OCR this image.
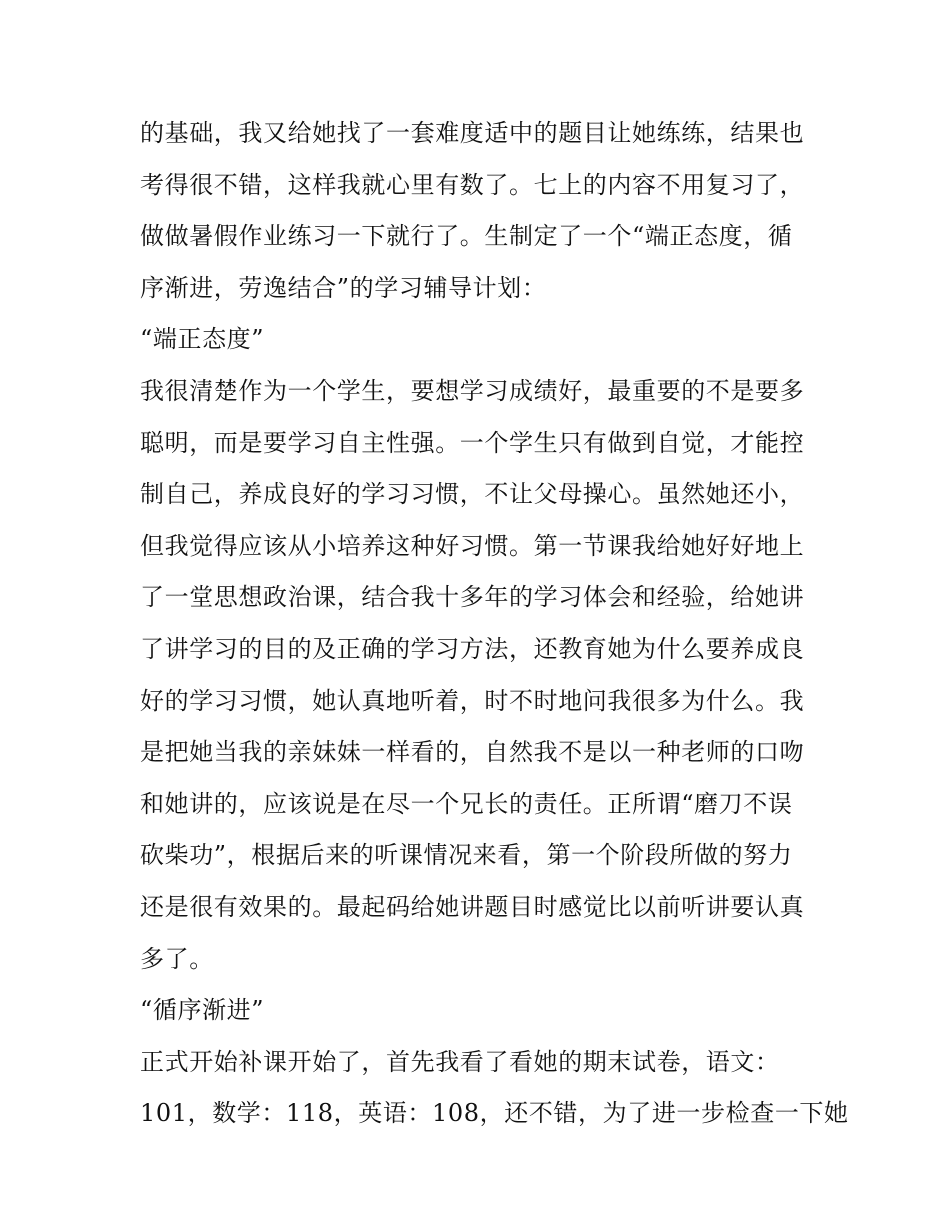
的基础，我又给她找了一套难度适中的题目让她练练，结果也
考得很不错，这样我就心里有数了。七上的内容不用复习了，
做做暑假作业练习一下就行了。生制定了一个“端正态度，循
序渐进，劳逸结合”的学习辅导计划：
“端正态度”
我很清楚作为一个学生，要想学习成绩好，最重要的不是要多
聪明，而是要学习自主性强。一个学生只有做到自觉，才能控
制自己，养成良好的学习习惯，不让父母操心。虽然她还小，
但我觉得应该从小培养这种好习惯。第一节课我给她好好地上
了一堂思想政治课，结合我十多年的学习体会和经验，给她讲
了讲学习的目的及正确的学习方法，还教育她为什么要养成良
好的学习习惯，她认真地听着，时不时地问我很多为什么。我
是把她当我的亲妹妹一样看的，自然我不是以一种老师的口吻
和她讲的，应该说是在尽一个兄长的责任。正所谓“磨刀不误
砍柴功”，根据后来的听课情况来看，第一个阶段所做的努力
还是很有效果的。最起码给她讲题目时感觉比以前听讲要认真
多了。
“循序渐进”
正式开始补课开始了，首先我看了看她的期末试卷，语文：
101，数学：118，英语：108，还不错，为了进一步检查一下她
